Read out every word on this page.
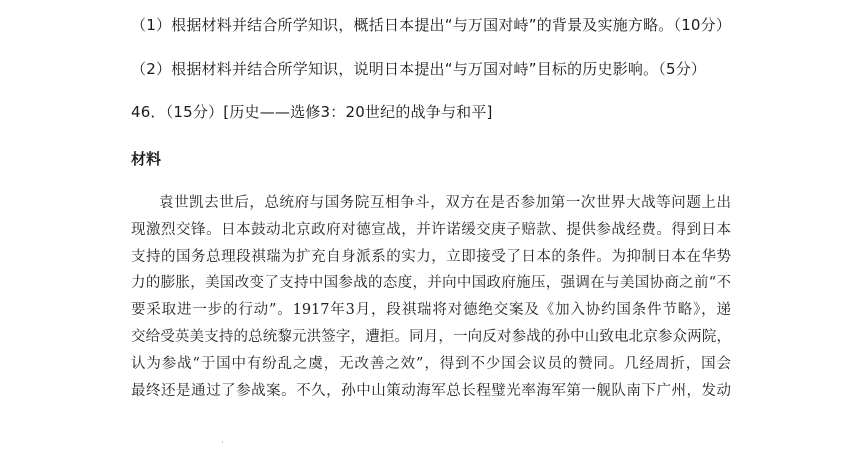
（1）根据材料并结合所学知识，概括日本提出“与万国对峙”的背景及实施方略。（10分）
（2）根据材料并结合所学知识，说明日本提出“与万国对峙”目标的历史影响。（5分）
46．（15分）[历史——选修3：20世纪的战争与和平]
材料
袁世凯去世后，总统府与国务院互相争斗，双方在是否参加第一次世界大战等问题上出
现激烈交锋。日本鼓动北京政府对德宣战，并许诺缓交庚子赔款、提供参战经费。得到日本
支持的国务总理段祺瑞为扩充自身派系的实力，立即接受了日本的条件。为抑制日本在华势
力的膨胀，美国改变了支持中国参战的态度，并向中国政府施压，强调在与美国协商之前“不
要采取进一步的行动”。1917年3月，段祺瑞将对德绝交案及《加入协约国条件节略》，递
交给受英美支持的总统黎元洪签字，遭拒。同月，一向反对参战的孙中山致电北京参众两院，
认为参战“于国中有纷乱之虞，无改善之效”，得到不少国会议员的赞同。几经周折，国会
最终还是通过了参战案。不久，孙中山策动海军总长程璧光率海军第一舰队南下广州，发动
·
